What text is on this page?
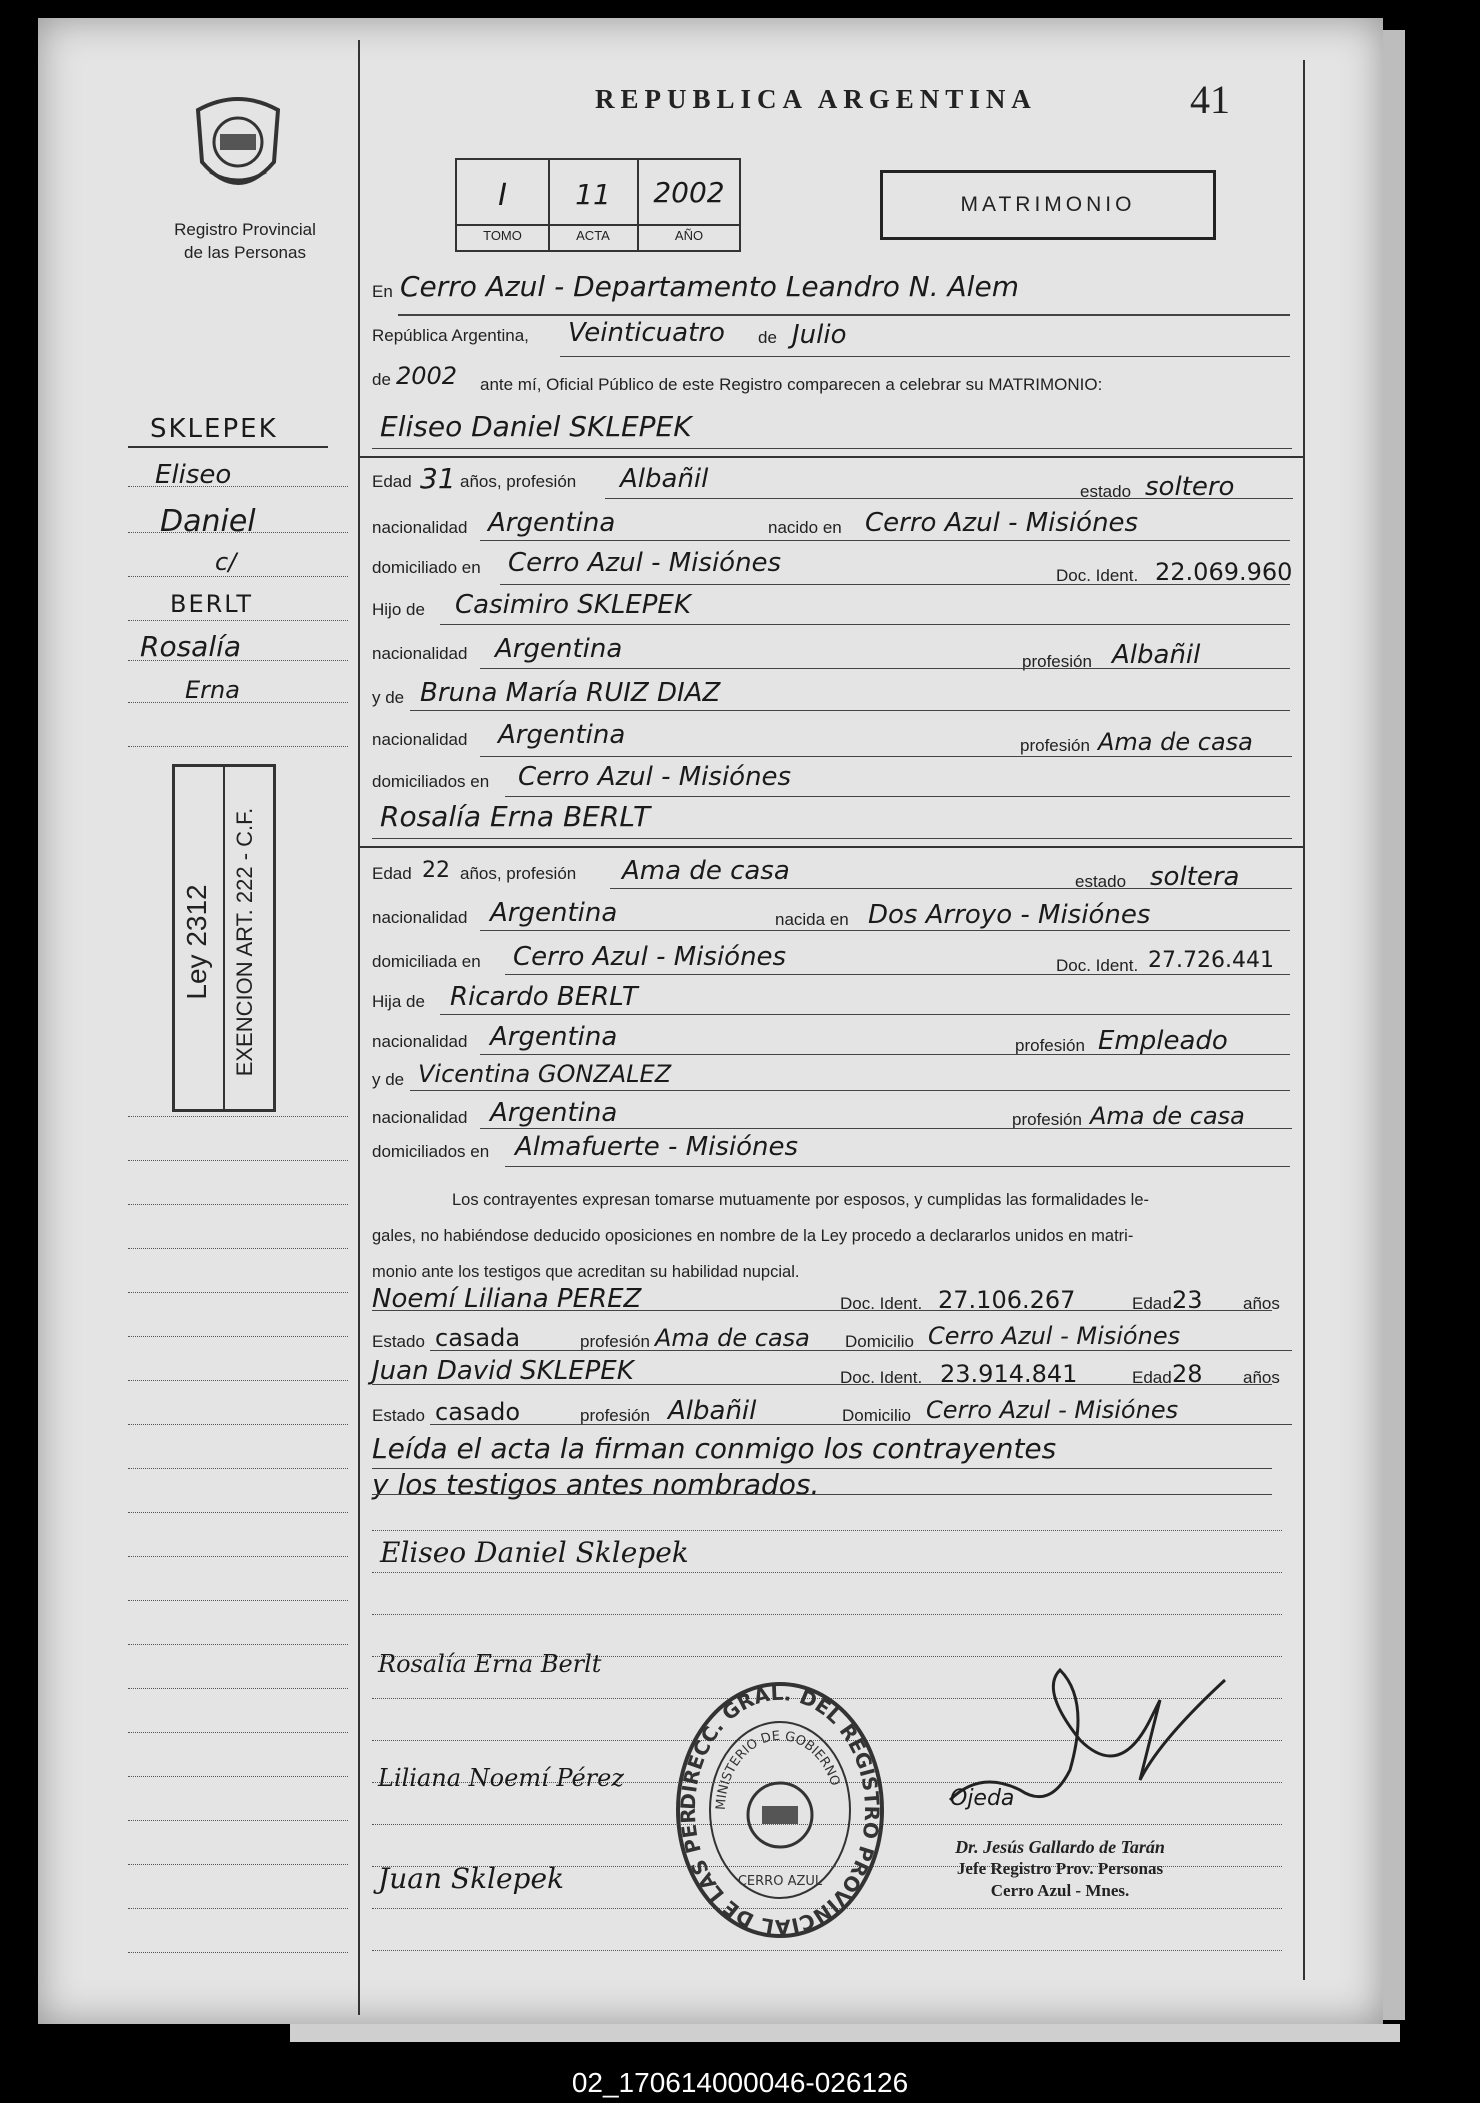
Registro Provincial
de las Personas
REPUBLICA ARGENTINA	41
I	11	2002
TOMO	ACTA	AÑO
MATRIMONIO
SKLEPEK
Eliseo
Daniel
c/
BERLT
Rosalía
Erna
Ley 2312 EXENCION ART. 222 - C.F.
En Cerro Azul - Departamento Leandro N. Alem
República Argentina, Veinticuatro de Julio
de 2002 ante mí, Oficial Público de este Registro comparecen a celebrar su MATRIMONIO:
Eliseo Daniel SKLEPEK
Edad 31 años, profesión Albañil	estado soltero
nacionalidad Argentina	nacido en Cerro Azul - Misiónes
domiciliado en Cerro Azul - Misiónes	Doc. Ident. 22.069.960
Hijo de Casimiro SKLEPEK
nacionalidad Argentina	profesión Albañil
y de Bruna María RUIZ DIAZ
nacionalidad Argentina	profesión Ama de casa
domiciliados en Cerro Azul - Misiónes
Rosalía Erna BERLT
Edad 22 años, profesión Ama de casa	estado soltera
nacionalidad Argentina	nacida en Dos Arroyo - Misiónes
domiciliada en Cerro Azul - Misiónes	Doc. Ident. 27.726.441
Hija de Ricardo BERLT
nacionalidad Argentina	profesión Empleado
y de Vicentina GONZALEZ
nacionalidad Argentina	profesión Ama de casa
domiciliados en Almafuerte - Misiónes
Los contrayentes expresan tomarse mutuamente por esposos, y cumplidas las formalidades le-
gales, no habiéndose deducido oposiciones en nombre de la Ley procedo a declararlos unidos en matri-
monio ante los testigos que acreditan su habilidad nupcial.
Noemí Liliana PEREZ	Doc. Ident. 27.106.267	Edad 23 años
Estado casada	profesión Ama de casa Domicilio Cerro Azul - Misiónes
Juan David SKLEPEK	Doc. Ident. 23.914.841	Edad 28 años
Estado casado	profesión Albañil	Domicilio Cerro Azul - Misiónes
Leída el acta la firman conmigo los contrayentes
y los testigos antes nombrados.
Eliseo Daniel Sklepek
Rosalía Erna Berlt
Liliana Noemí Pérez
Juan Sklepek
DIRECC. GRAL. DEL REGISTRO PROVINCIAL DE LAS PER
MINISTERIO DE GOBIERNO
CERRO AZUL
Ojeda
Dr. Jesús Gallardo de Tarán
Jefe Registro Prov. Personas
Cerro Azul - Mnes.
02_170614000046-026126
